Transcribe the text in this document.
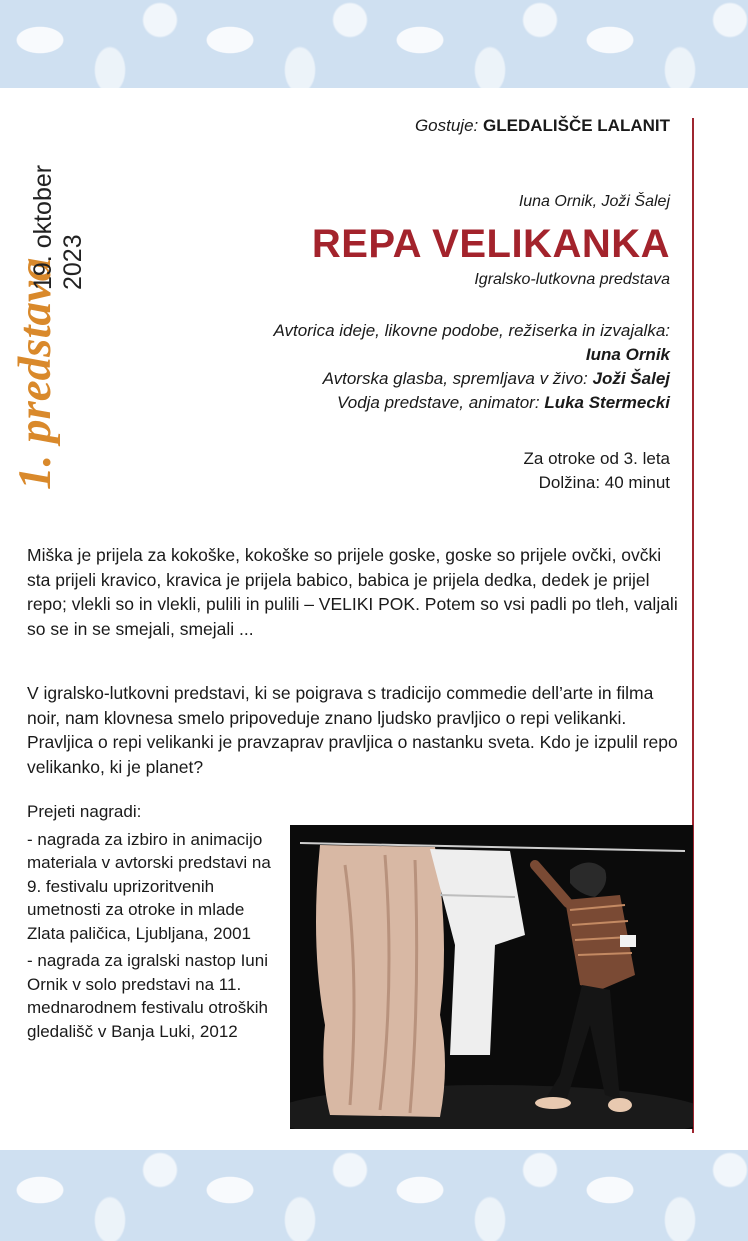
1. predstava
19. oktober 2023
Gostuje: GLEDALIŠČE LALANIT
Iuna Ornik, Joži Šalej
REPA VELIKANKA
Igralsko-lutkovna predstava
Avtorica ideje, likovne podobe, režiserka in izvajalka:
Iuna Ornik
Avtorska glasba, spremljava v živo: Joži Šalej
Vodja predstave, animator: Luka Stermecki
Za otroke od 3. leta
Dolžina: 40 minut
Miška je prijela za kokoške, kokoške so prijele goske, goske so prijele ovčki, ovčki sta prijeli kravico, kravica je prijela babico, babica je prijela dedka, dedek je prijel repo; vlekli so in vlekli, pulili in pulili – VELIKI POK. Potem so vsi padli po tleh, valjali so se in se smejali, smejali ...
V igralsko-lutkovni predstavi, ki se poigrava s tradicijo commedie dell’arte in filma noir, nam klovnesa smelo pripoveduje znano ljudsko pravljico o repi velikanki. Pravljica o repi velikanki je pravzaprav pravljica o nastanku sveta. Kdo je izpulil repo velikanko, ki je planet?
Prejeti nagradi:
- nagrada za izbiro in animacijo materiala v avtorski predstavi na 9. festivalu uprizoritvenih umetnosti za otroke in mlade Zlata paličica, Ljubljana, 2001
- nagrada za igralski nastop Iuni Ornik v solo predstavi na 11. mednarodnem festivalu otroških gledališč v Banja Luki, 2012
